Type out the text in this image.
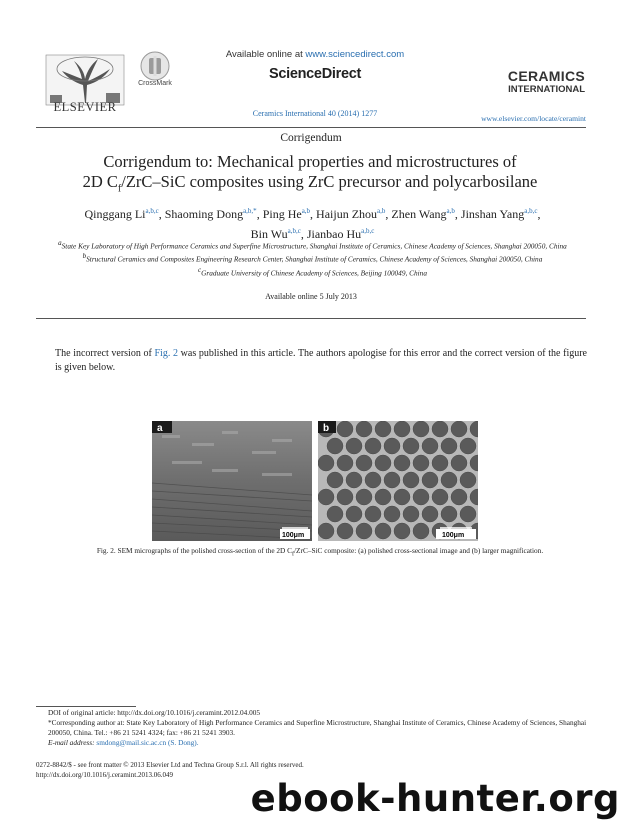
ELSEVIER
CrossMark
Available online at www.sciencedirect.com
ScienceDirect
Ceramics International 40 (2014) 1277
CERAMICS
INTERNATIONAL
www.elsevier.com/locate/ceramint
Corrigendum
Corrigendum to: Mechanical properties and microstructures of
2D $C_f/ZrC$–SiC composites using ZrC precursor and polycarbosilane
Qinggang Li$^{a,b,c}$, Shaoming Dong$^{a,b,*}$, Ping He$^{a,b}$, Haijun Zhou$^{a,b}$, Zhen Wang$^{a,b}$, Jinshan Yang$^{a,b,c}$,
Bin Wu$^{a,b,c}$, Jianbao Hu$^{a,b,c}$
$^a$State Key Laboratory of High Performance Ceramics and Superfine Microstructure, Shanghai Institute of Ceramics, Chinese Academy of Sciences, Shanghai 200050, China
$^b$Structural Ceramics and Composites Engineering Research Center, Shanghai Institute of Ceramics, Chinese Academy of Sciences, Shanghai 200050, China
$^c$Graduate University of Chinese Academy of Sciences, Beijing 100049, China
Available online 5 July 2013
The incorrect version of Fig. 2 was published in this article. The authors apologise for this error and the correct version of the figure is given below.
a
100μm
b
100μm
Fig. 2. SEM micrographs of the polished cross-section of the 2D $C_f/ZrC$–SiC composite: (a) polished cross-sectional image and (b) larger magnification.

DOI of original article: http://dx.doi.org/10.1016/j.ceramint.2012.04.005

*Corresponding author at: State Key Laboratory of High Performance Ceramics and Superfine Microstructure, Shanghai Institute of Ceramics, Chinese Academy of Sciences, Shanghai 200050, China. Tel.: +86 21 5241 4324; fax: +86 21 5241 3903.

E-mail address: smdong@mail.sic.ac.cn (S. Dong).

0272-8842/$ - see front matter © 2013 Elsevier Ltd and Techna Group S.r.l. All rights reserved.

http://dx.doi.org/10.1016/j.ceramint.2013.06.049

ebook-hunter.org
